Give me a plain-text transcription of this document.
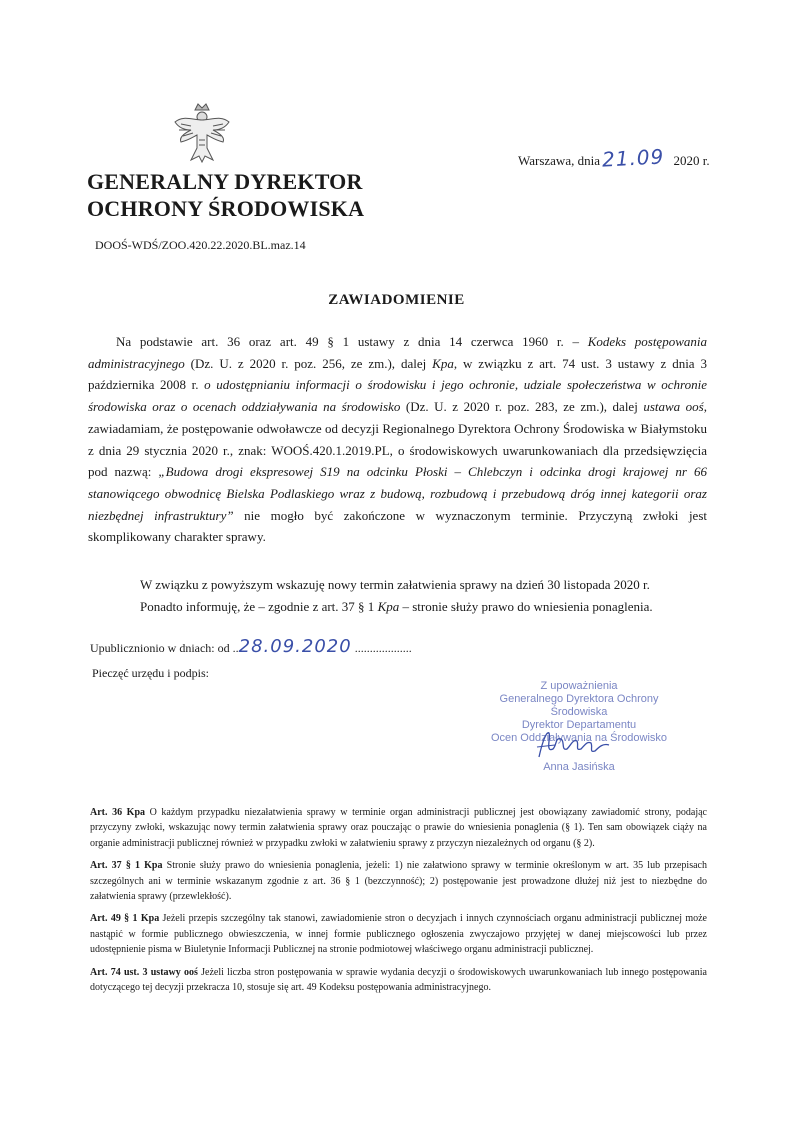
Warszawa, dnia21.09 2020 r.
GENERALNY DYREKTOR
OCHRONY ŚRODOWISKA
DOOŚ-WDŚ/ZOO.420.22.2020.BL.maz.14
ZAWIADOMIENIE

Na podstawie art. 36 oraz art. 49 § 1 ustawy z dnia 14 czerwca 1960 r. – Kodeks postępowania administracyjnego (Dz. U. z 2020 r. poz. 256, ze zm.), dalej Kpa, w związku z art. 74 ust. 3 ustawy z dnia 3 października 2008 r. o udostępnianiu informacji o środowisku i jego ochronie, udziale społeczeństwa w ochronie środowiska oraz o ocenach oddziaływania na środowisko (Dz. U. z 2020 r. poz. 283, ze zm.), dalej ustawa ooś, zawiadamiam, że postępowanie odwoławcze od decyzji Regionalnego Dyrektora Ochrony Środowiska w Białymstoku z dnia 29 stycznia 2020 r., znak: WOOŚ.420.1.2019.PL, o środowiskowych uwarunkowaniach dla przedsięwzięcia pod nazwą: „Budowa drogi ekspresowej S19 na odcinku Płoski – Chlebczyn i odcinka drogi krajowej nr 66 stanowiącego obwodnicę Bielska Podlaskiego wraz z budową, rozbudową i przebudową dróg innej kategorii oraz niezbędnej infrastruktury” nie mogło być zakończone w wyznaczonym terminie. Przyczyną zwłoki jest skomplikowany charakter sprawy.

W związku z powyższym wskazuję nowy termin załatwienia sprawy na dzień 30 listopada 2020 r.
Ponadto informuję, że – zgodnie z art. 37 § 1 Kpa – stronie służy prawo do wniesienia ponaglenia.
Upublicznionio w dniach: od ..28.09.2020 ...................
Pieczęć urzędu i podpis:
Z upoważnienia
Generalnego Dyrektora Ochrony Środowiska
Dyrektor Departamentu
Ocen Oddziaływania na Środowisko
Anna Jasińska

Art. 36 Kpa O każdym przypadku niezałatwienia sprawy w terminie organ administracji publicznej jest obowiązany zawiadomić strony, podając przyczyny zwłoki, wskazując nowy termin załatwienia sprawy oraz pouczając o prawie do wniesienia ponaglenia (§ 1). Ten sam obowiązek ciąży na organie administracji publicznej również w przypadku zwłoki w załatwieniu sprawy z przyczyn niezależnych od organu (§ 2).

Art. 37 § 1 Kpa Stronie służy prawo do wniesienia ponaglenia, jeżeli: 1) nie załatwiono sprawy w terminie określonym w art. 35 lub przepisach szczególnych ani w terminie wskazanym zgodnie z art. 36 § 1 (bezczynność); 2) postępowanie jest prowadzone dłużej niż jest to niezbędne do załatwienia sprawy (przewlekłość).

Art. 49 § 1 Kpa Jeżeli przepis szczególny tak stanowi, zawiadomienie stron o decyzjach i innych czynnościach organu administracji publicznej może nastąpić w formie publicznego obwieszczenia, w innej formie publicznego ogłoszenia zwyczajowo przyjętej w danej miejscowości lub przez udostępnienie pisma w Biuletynie Informacji Publicznej na stronie podmiotowej właściwego organu administracji publicznej.

Art. 74 ust. 3 ustawy ooś Jeżeli liczba stron postępowania w sprawie wydania decyzji o środowiskowych uwarunkowaniach lub innego postępowania dotyczącego tej decyzji przekracza 10, stosuje się art. 49 Kodeksu postępowania administracyjnego.
